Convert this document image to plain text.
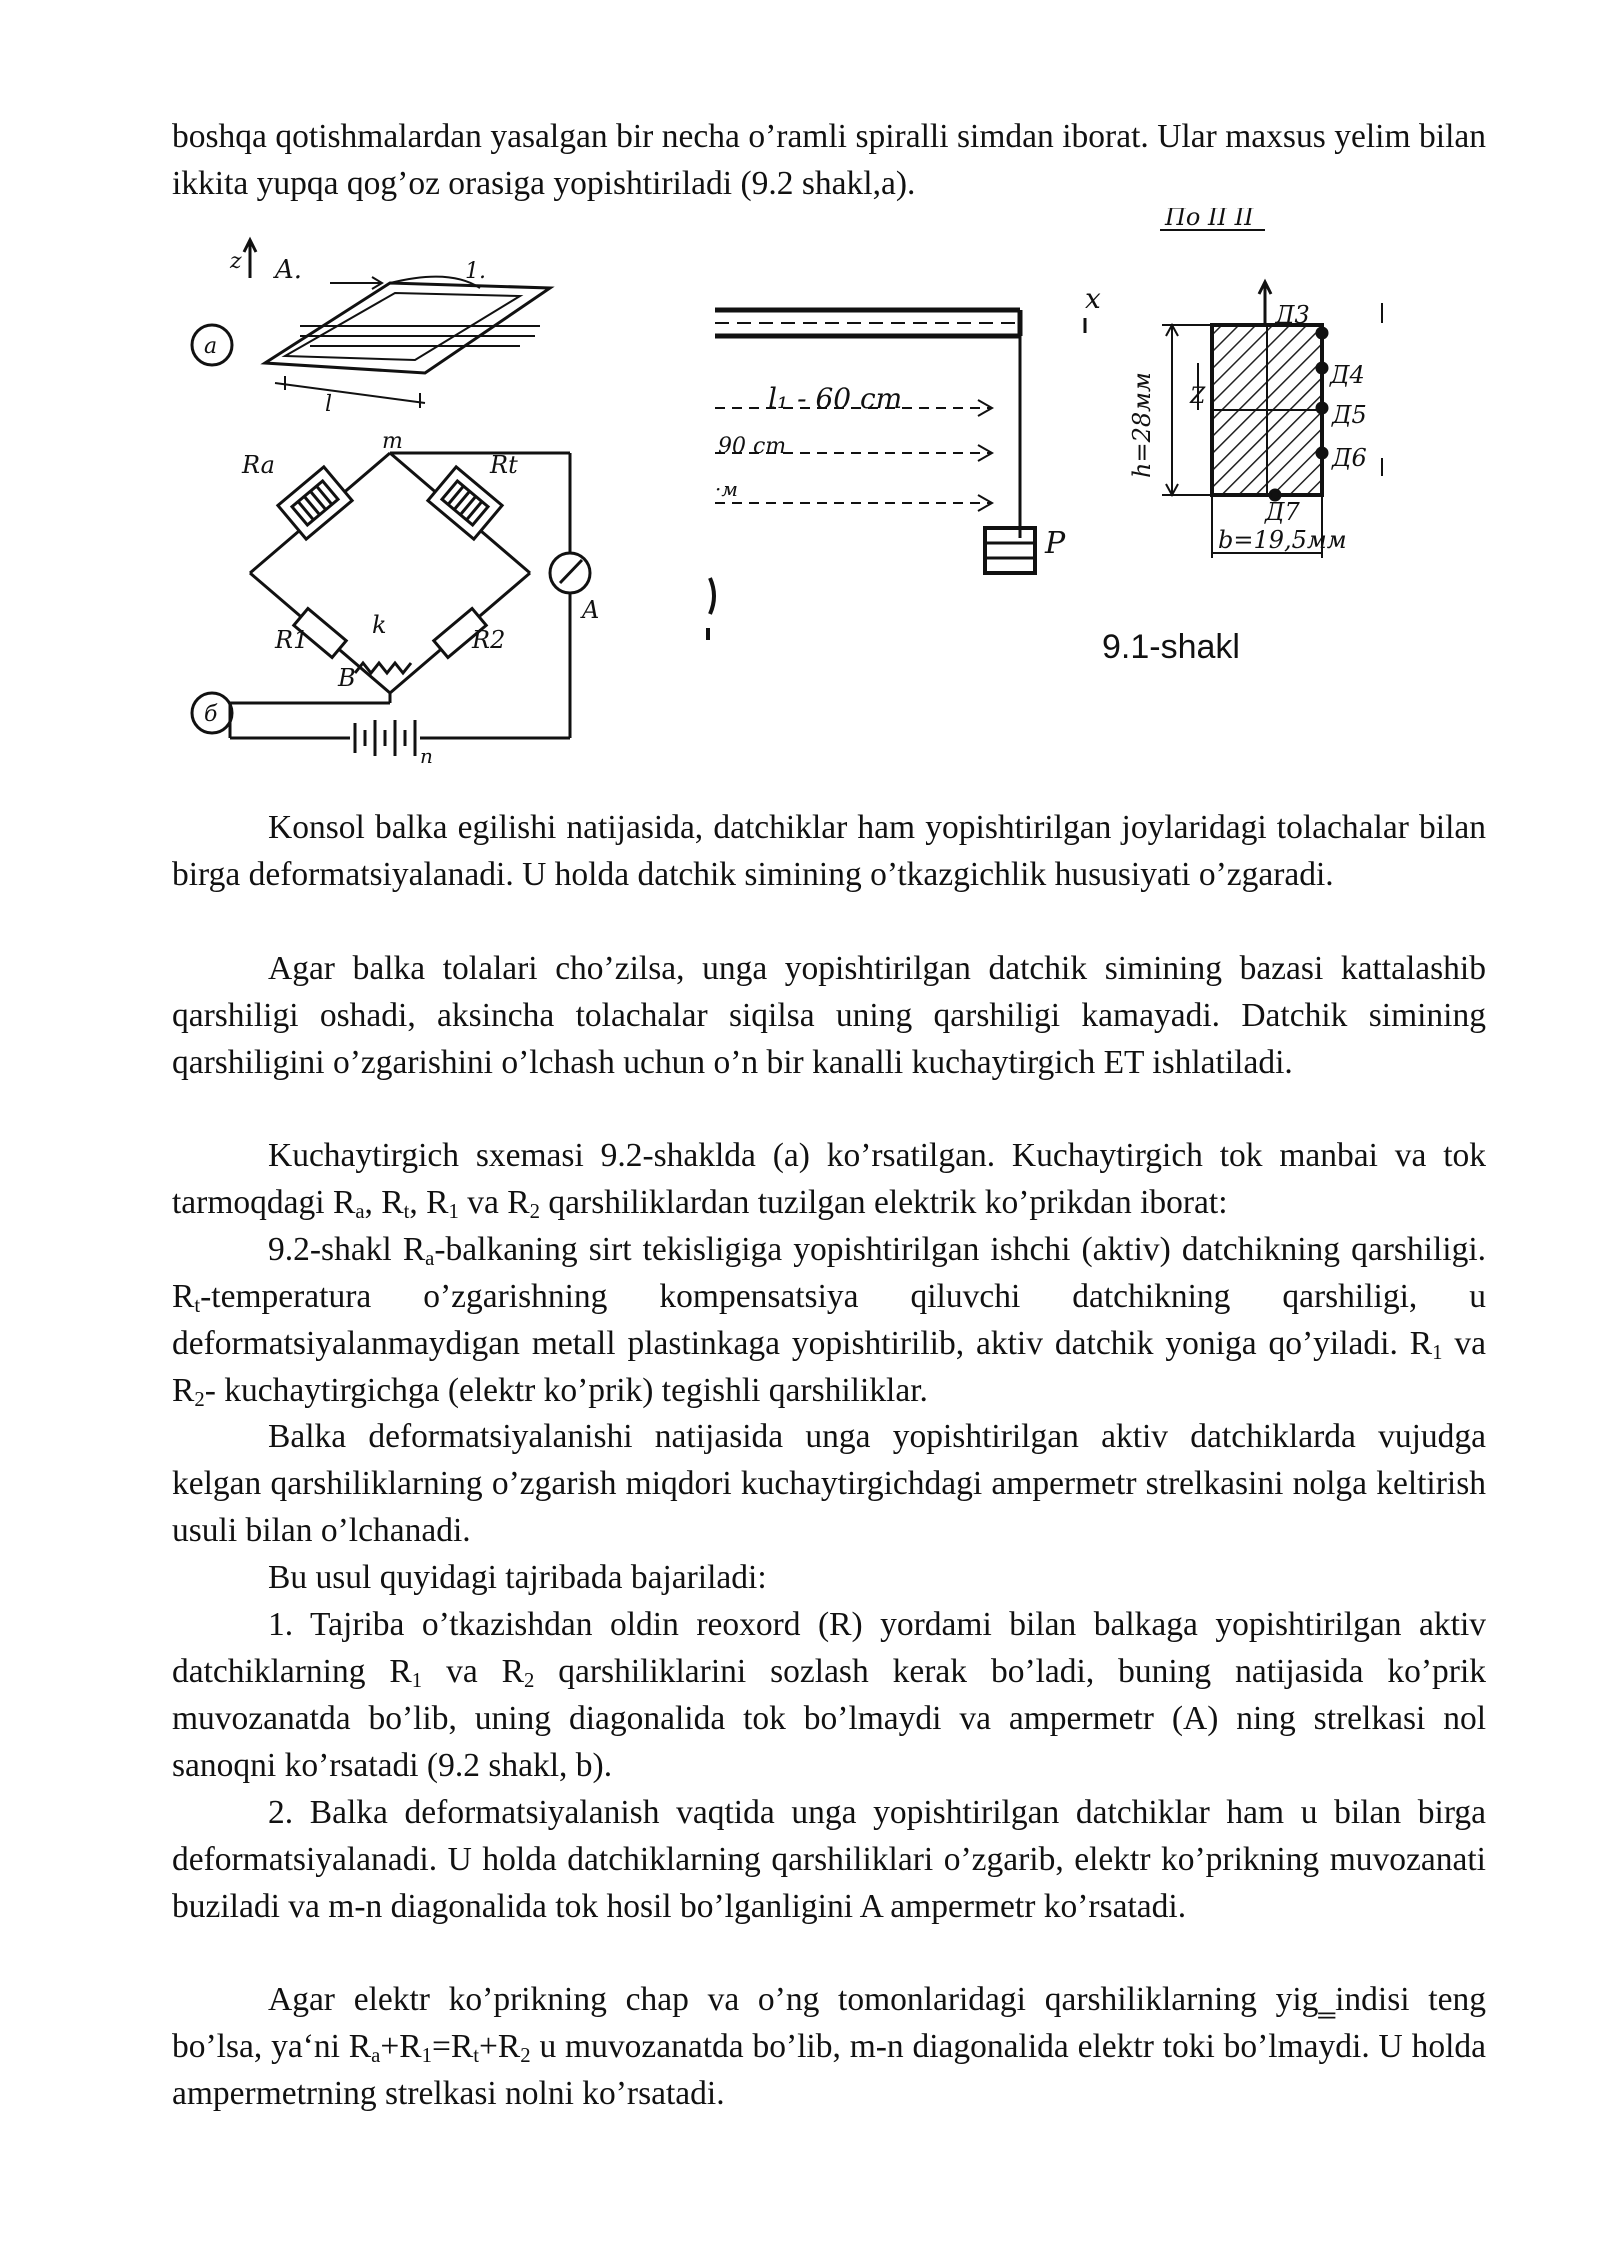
boshqa qotishmalardan yasalgan bir necha o’ramli spiralli simdan iborat. Ular maxsus yelim bilan ikkita yupqa qog’oz orasiga yopishtiriladi (9.2 shakl,a).

a
z A.	1.
l
Ra	Rt
m
R1	R2
k
B
n
A
б
l₁ - 60 cm
90 cm
·м
x
P
По II II
h=28мм Z
Д3
Д4
Д5
Д6
Д7
b=19,5мм
9.1-shakl

Konsol balka egilishi natijasida, datchiklar ham yopishtirilgan joylaridagi tolachalar bilan birga deformatsiyalanadi. U holda datchik simining o’tkazgichlik hususiyati o’zgaradi.

Agar balka tolalari cho’zilsa, unga yopishtirilgan datchik simining bazasi kattalashib qarshiligi oshadi, aksincha tolachalar siqilsa uning qarshiligi kamayadi. Datchik simining qarshiligini o’zgarishini o’lchash uchun o’n bir kanalli kuchaytirgich ET ishlatiladi.

Kuchaytirgich sxemasi 9.2-shaklda (a) ko’rsatilgan. Kuchaytirgich tok manbai va tok tarmoqdagi $R_a$, $R_t$, $R_1$ va $R_2$ qarshiliklardan tuzilgan elektrik ko’prikdan iborat:

9.2-shakl $R_a$-balkaning sirt tekisligiga yopishtirilgan ishchi (aktiv) datchikning qarshiligi. $R_t$-temperatura o’zgarishning kompensatsiya qiluvchi datchikning qarshiligi, u deformatsiyalanmaydigan metall plastinkaga yopishtirilib, aktiv datchik yoniga qo’yiladi. $R_1$ va $R_2-$ kuchaytirgichga (elektr ko’prik) tegishli qarshiliklar.

Balka deformatsiyalanishi natijasida unga yopishtirilgan aktiv datchiklarda vujudga kelgan qarshiliklarning o’zgarish miqdori kuchaytirgichdagi ampermetr strelkasini nolga keltirish usuli bilan o’lchanadi.

Bu usul quyidagi tajribada bajariladi:

1. Tajriba o’tkazishdan oldin reoxord (R) yordami bilan balkaga yopishtirilgan aktiv datchiklarning $R_1$ va $R_2$ qarshiliklarini sozlash kerak bo’ladi, buning natijasida ko’prik muvozanatda bo’lib, uning diagonalida tok bo’lmaydi va ampermetr (A) ning strelkasi nol sanoqni ko’rsatadi (9.2 shakl, b).

2. Balka deformatsiyalanish vaqtida unga yopishtirilgan datchiklar ham u bilan birga deformatsiyalanadi. U holda datchiklarning qarshiliklari o’zgarib, elektr ko’prikning muvozanati buziladi va m-n diagonalida tok hosil bo’lganligini A ampermetr ko’rsatadi.

Agar elektr ko’prikning chap va o’ng tomonlaridagi qarshiliklarning yig‗indisi teng bo’lsa, ya‘ni $R_a+R_1=R_t+R_2$ u muvozanatda bo’lib, m-n diagonalida elektr toki bo’lmaydi. U holda ampermetrning strelkasi nolni ko’rsatadi.
